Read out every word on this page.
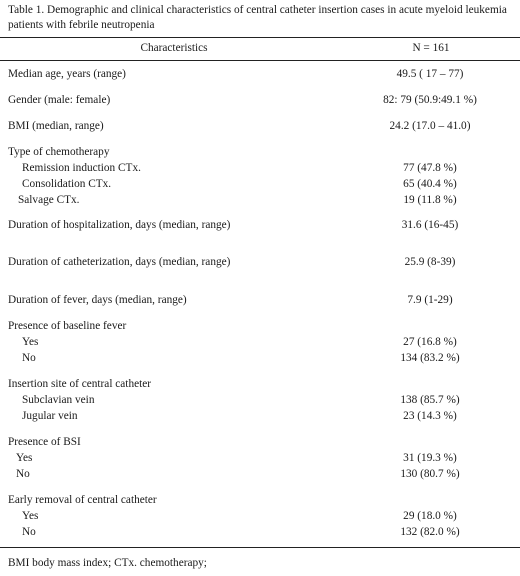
Table 1. Demographic and clinical characteristics of central catheter insertion cases in acute myeloid leukemia patients with febrile neutropenia

Characteristics	N = 161
Median age, years (range)	49.5 ( 17 – 77)
Gender (male: female)	82: 79 (50.9:49.1 %)
BMI (median, range)	24.2 (17.0 – 41.0)
Type of chemotherapy
Remission induction CTx.	77 (47.8 %)
Consolidation CTx.	65 (40.4 %)
Salvage CTx.	19 (11.8 %)
Duration of hospitalization, days (median, range)	31.6 (16-45)
Duration of catheterization, days (median, range)	25.9 (8-39)
Duration of fever, days (median, range)	7.9 (1-29)
Presence of baseline fever
Yes	27 (16.8 %)
No	134 (83.2 %)
Insertion site of central catheter
Subclavian vein	138 (85.7 %)
Jugular vein	23 (14.3 %)
Presence of BSI
Yes	31 (19.3 %)
No	130 (80.7 %)
Early removal of central catheter
Yes	29 (18.0 %)
No	132 (82.0 %)
BMI body mass index; CTx. chemotherapy;
